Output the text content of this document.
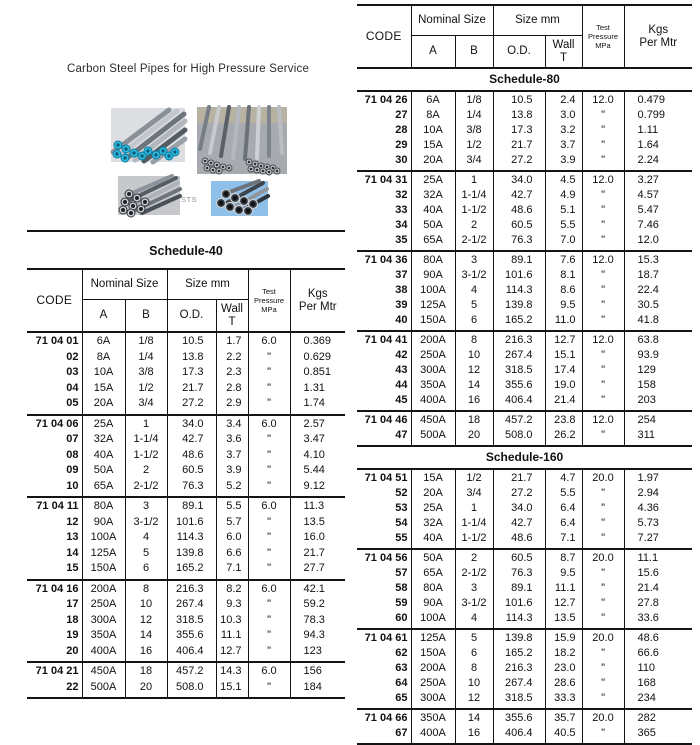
Carbon Steel Pipes for High Pressure Service
STS
Schedule-40
CODE	Nominal Size		Size mm		Test
Pressure
MPa	Kgs
Per Mtr
	A	B	O.D.	Wall
T		
71 04 01	6A	1/8	10.5	1.7	6.0	0.369
02	8A	1/4	13.8	2.2	"	0.629
03	10A	3/8	17.3	2.3	"	0.851
04	15A	1/2	21.7	2.8	"	1.31
05	20A	3/4	27.2	2.9	"	1.74
71 04 06	25A	1	34.0	3.4	6.0	2.57
07	32A	1-1/4	42.7	3.6	"	3.47
08	40A	1-1/2	48.6	3.7	"	4.10
09	50A	2	60.5	3.9	"	5.44
10	65A	2-1/2	76.3	5.2	"	9.12
71 04 11	80A	3	89.1	5.5	6.0	11.3
12	90A	3-1/2	101.6	5.7	"	13.5
13	100A	4	114.3	6.0	"	16.0
14	125A	5	139.8	6.6	"	21.7
15	150A	6	165.2	7.1	"	27.7
71 04 16	200A	8	216.3	8.2	6.0	42.1
17	250A	10	267.4	9.3	"	59.2
18	300A	12	318.5	10.3	"	78.3
19	350A	14	355.6	11.1	"	94.3
20	400A	16	406.4	12.7	"	123
71 04 21	450A	18	457.2	14.3	6.0	156
22	500A	20	508.0	15.1	"	184
CODE	Nominal Size		Size mm		Test
Pressure
MPa	Kgs
Per Mtr
	A	B	O.D.	Wall
T		
Schedule-80						
71 04 26	6A	1/8	10.5	2.4	12.0	0.479
27	8A	1/4	13.8	3.0	"	0.799
28	10A	3/8	17.3	3.2	"	1.11
29	15A	1/2	21.7	3.7	"	1.64
30	20A	3/4	27.2	3.9	"	2.24
71 04 31	25A	1	34.0	4.5	12.0	3.27
32	32A	1-1/4	42.7	4.9	"	4.57
33	40A	1-1/2	48.6	5.1	"	5.47
34	50A	2	60.5	5.5	"	7.46
35	65A	2-1/2	76.3	7.0	"	12.0
71 04 36	80A	3	89.1	7.6	12.0	15.3
37	90A	3-1/2	101.6	8.1	"	18.7
38	100A	4	114.3	8.6	"	22.4
39	125A	5	139.8	9.5	"	30.5
40	150A	6	165.2	11.0	"	41.8
71 04 41	200A	8	216.3	12.7	12.0	63.8
42	250A	10	267.4	15.1	"	93.9
43	300A	12	318.5	17.4	"	129
44	350A	14	355.6	19.0	"	158
45	400A	16	406.4	21.4	"	203
71 04 46	450A	18	457.2	23.8	12.0	254
47	500A	20	508.0	26.2	"	311
Schedule-160						
71 04 51	15A	1/2	21.7	4.7	20.0	1.97
52	20A	3/4	27.2	5.5	"	2.94
53	25A	1	34.0	6.4	"	4.36
54	32A	1-1/4	42.7	6.4	"	5.73
55	40A	1-1/2	48.6	7.1	"	7.27
71 04 56	50A	2	60.5	8.7	20.0	11.1
57	65A	2-1/2	76.3	9.5	"	15.6
58	80A	3	89.1	11.1	"	21.4
59	90A	3-1/2	101.6	12.7	"	27.8
60	100A	4	114.3	13.5	"	33.6
71 04 61	125A	5	139.8	15.9	20.0	48.6
62	150A	6	165.2	18.2	"	66.6
63	200A	8	216.3	23.0	"	110
64	250A	10	267.4	28.6	"	168
65	300A	12	318.5	33.3	"	234
71 04 66	350A	14	355.6	35.7	20.0	282
67	400A	16	406.4	40.5	"	365
